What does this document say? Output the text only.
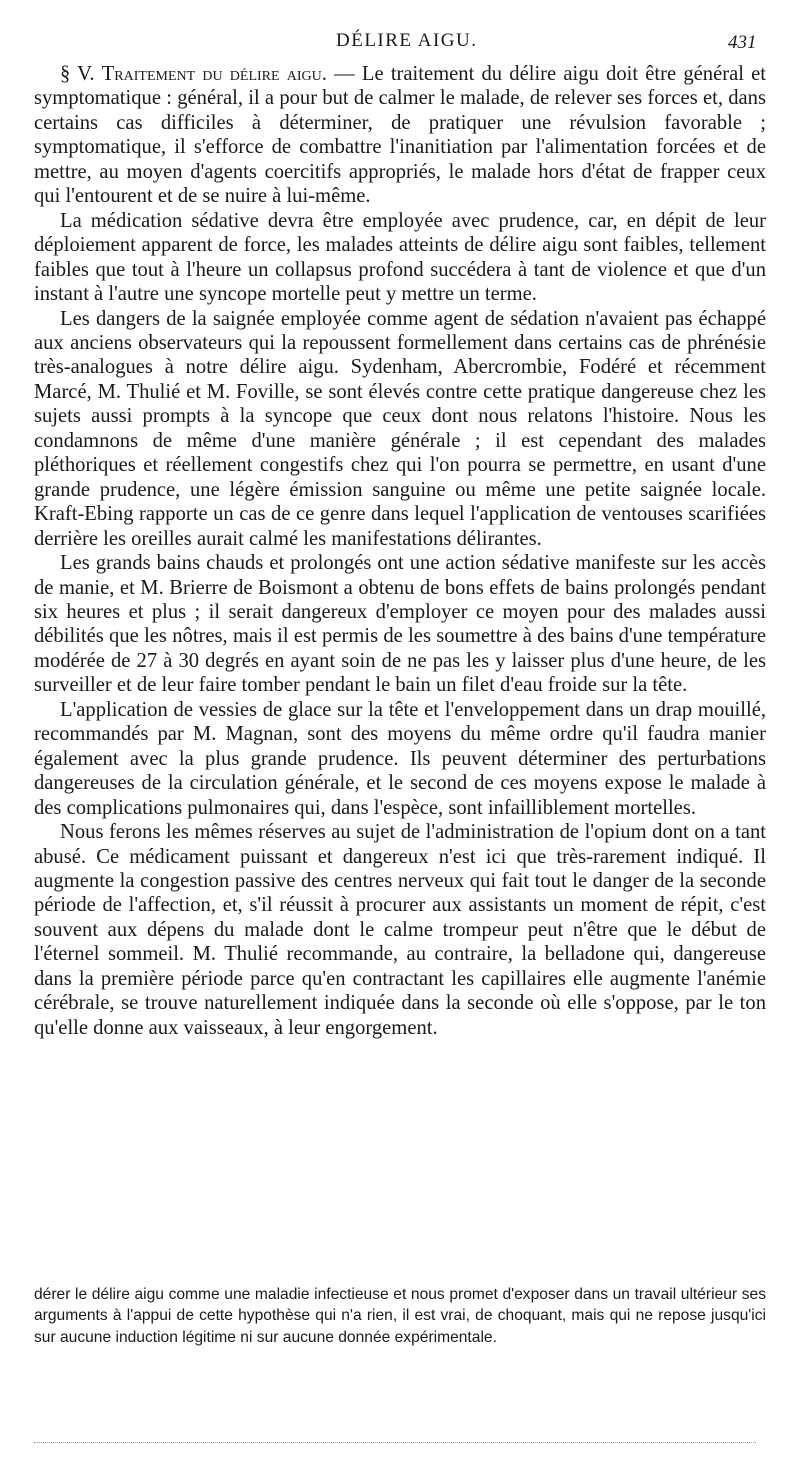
DÉLIRE AIGU.	431

§ V. Traitement du délire aigu. — Le traitement du délire aigu doit être général et symptomatique : général, il a pour but de calmer le malade, de relever ses forces et, dans certains cas difficiles à déterminer, de pratiquer une révulsion favorable ; symptomatique, il s'efforce de combattre l'inanitiation par l'alimentation forcées et de mettre, au moyen d'agents coercitifs appropriés, le malade hors d'état de frapper ceux qui l'entourent et de se nuire à lui-même.

La médication sédative devra être employée avec prudence, car, en dépit de leur déploiement apparent de force, les malades atteints de délire aigu sont faibles, tellement faibles que tout à l'heure un collapsus profond succédera à tant de violence et que d'un instant à l'autre une syncope mortelle peut y mettre un terme.

Les dangers de la saignée employée comme agent de sédation n'avaient pas échappé aux anciens observateurs qui la repoussent formellement dans certains cas de phrénésie très-analogues à notre délire aigu. Sydenham, Abercrombie, Fodéré et récemment Marcé, M. Thulié et M. Foville, se sont élevés contre cette pratique dangereuse chez les sujets aussi prompts à la syncope que ceux dont nous relatons l'histoire. Nous les condamnons de même d'une manière générale ; il est cependant des malades pléthoriques et réellement congestifs chez qui l'on pourra se permettre, en usant d'une grande prudence, une légère émission sanguine ou même une petite saignée locale. Kraft-Ebing rapporte un cas de ce genre dans lequel l'application de ventouses scarifiées derrière les oreilles aurait calmé les manifestations délirantes.

Les grands bains chauds et prolongés ont une action sédative manifeste sur les accès de manie, et M. Brierre de Boismont a obtenu de bons effets de bains prolongés pendant six heures et plus ; il serait dangereux d'employer ce moyen pour des malades aussi débilités que les nôtres, mais il est permis de les soumettre à des bains d'une température modérée de 27 à 30 degrés en ayant soin de ne pas les y laisser plus d'une heure, de les surveiller et de leur faire tomber pendant le bain un filet d'eau froide sur la tête.

L'application de vessies de glace sur la tête et l'enveloppement dans un drap mouillé, recommandés par M. Magnan, sont des moyens du même ordre qu'il faudra manier également avec la plus grande prudence. Ils peuvent déterminer des perturbations dangereuses de la circulation générale, et le second de ces moyens expose le malade à des complications pulmonaires qui, dans l'espèce, sont infailliblement mortelles.

Nous ferons les mêmes réserves au sujet de l'administration de l'opium dont on a tant abusé. Ce médicament puissant et dangereux n'est ici que très-rarement indiqué. Il augmente la congestion passive des centres nerveux qui fait tout le danger de la seconde période de l'affection, et, s'il réussit à procurer aux assistants un moment de répit, c'est souvent aux dépens du malade dont le calme trompeur peut n'être que le début de l'éternel sommeil. M. Thulié recommande, au contraire, la belladone qui, dangereuse dans la première période parce qu'en contractant les capillaires elle augmente l'anémie cérébrale, se trouve naturellement indiquée dans la seconde où elle s'oppose, par le ton qu'elle donne aux vaisseaux, à leur engorgement.

dérer le délire aigu comme une maladie infectieuse et nous promet d'exposer dans un travail ultérieur ses arguments à l'appui de cette hypothèse qui n'a rien, il est vrai, de choquant, mais qui ne repose jusqu'ici sur aucune induction légitime ni sur aucune donnée expérimentale.
